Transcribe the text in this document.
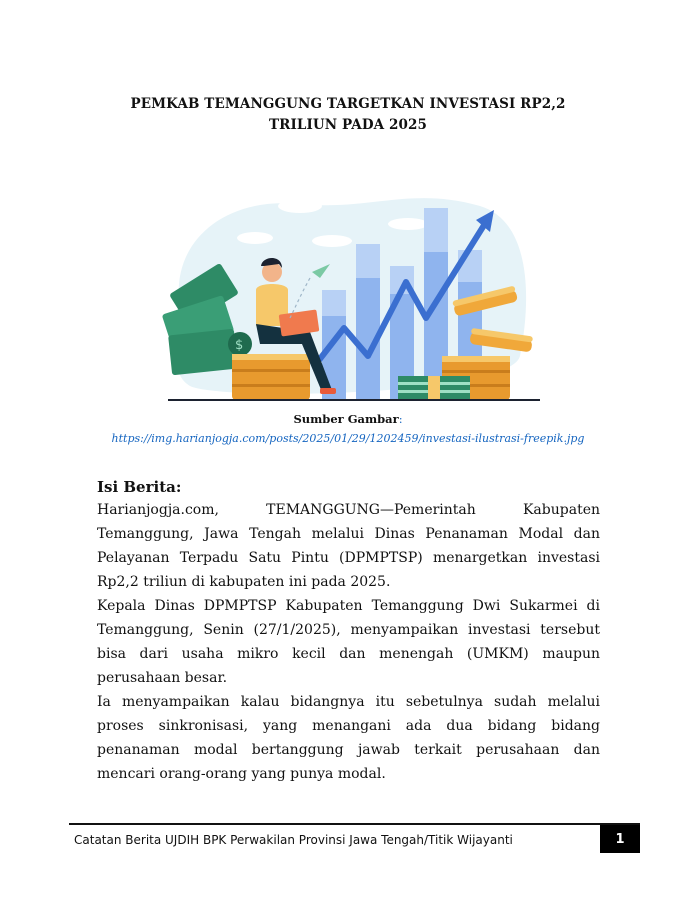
PEMKAB TEMANGGUNG TARGETKAN INVESTASI RP2,2 TRILIUN PADA 2025
$
Sumber Gambar:
https://img.harianjogja.com/posts/2025/01/29/1202459/investasi-ilustrasi-freepik.jpg
Isi Berita:

Harianjogja.com, TEMANGGUNG—Pemerintah Kabupaten Temanggung, Jawa Tengah melalui Dinas Penanaman Modal dan Pelayanan Terpadu Satu Pintu (DPMPTSP) menargetkan investasi Rp2,2 triliun di kabupaten ini pada 2025.

Kepala Dinas DPMPTSP Kabupaten Temanggung Dwi Sukarmei di Temanggung, Senin (27/1/2025), menyampaikan investasi tersebut bisa dari usaha mikro kecil dan menengah (UMKM) maupun perusahaan besar.

Ia menyampaikan kalau bidangnya itu sebetulnya sudah melalui proses sinkronisasi, yang menangani ada dua bidang bidang penanaman modal bertanggung jawab terkait perusahaan dan mencari orang-orang yang punya modal.

Catatan Berita UJDIH BPK Perwakilan Provinsi Jawa Tengah/Titik Wijayanti	1
